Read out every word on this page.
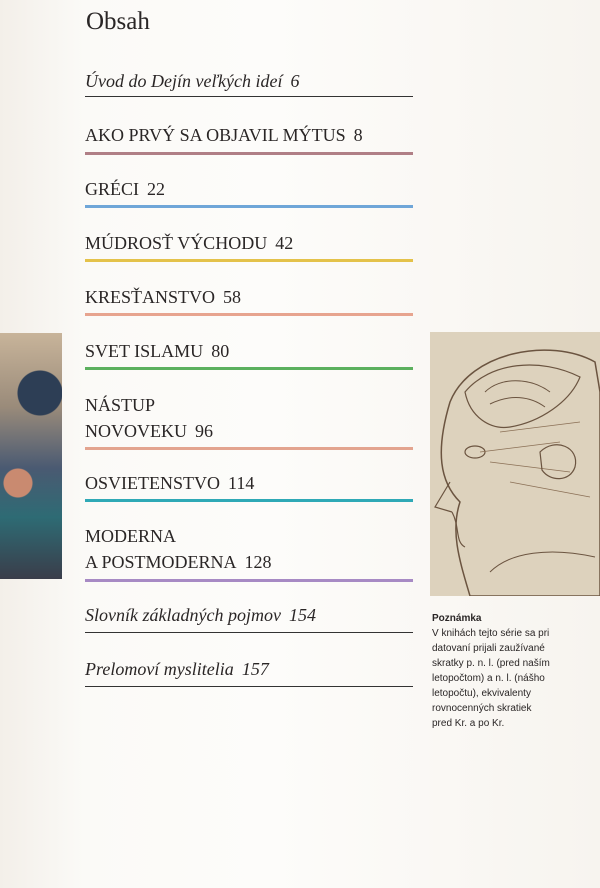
Obsah
Úvod do Dejín veľkých ideí 6
AKO PRVÝ SA OBJAVIL MÝTUS 8
GRÉCI 22
MÚDROSŤ VÝCHODU 42
KRESŤANSTVO 58
SVET ISLAMU 80
NÁSTUP
NOVOVEKU 96
OSVIETENSTVO 114
MODERNA
A POSTMODERNA 128
Slovník základných pojmov 154
Prelomoví myslitelia 157
Poznámka
V knihách tejto série sa pri
datovaní prijali zaužívané
skratky p. n. l. (pred naším
letopočtom) a n. l. (nášho
letopočtu), ekvivalenty
rovnocenných skratiek
pred Kr. a po Kr.
